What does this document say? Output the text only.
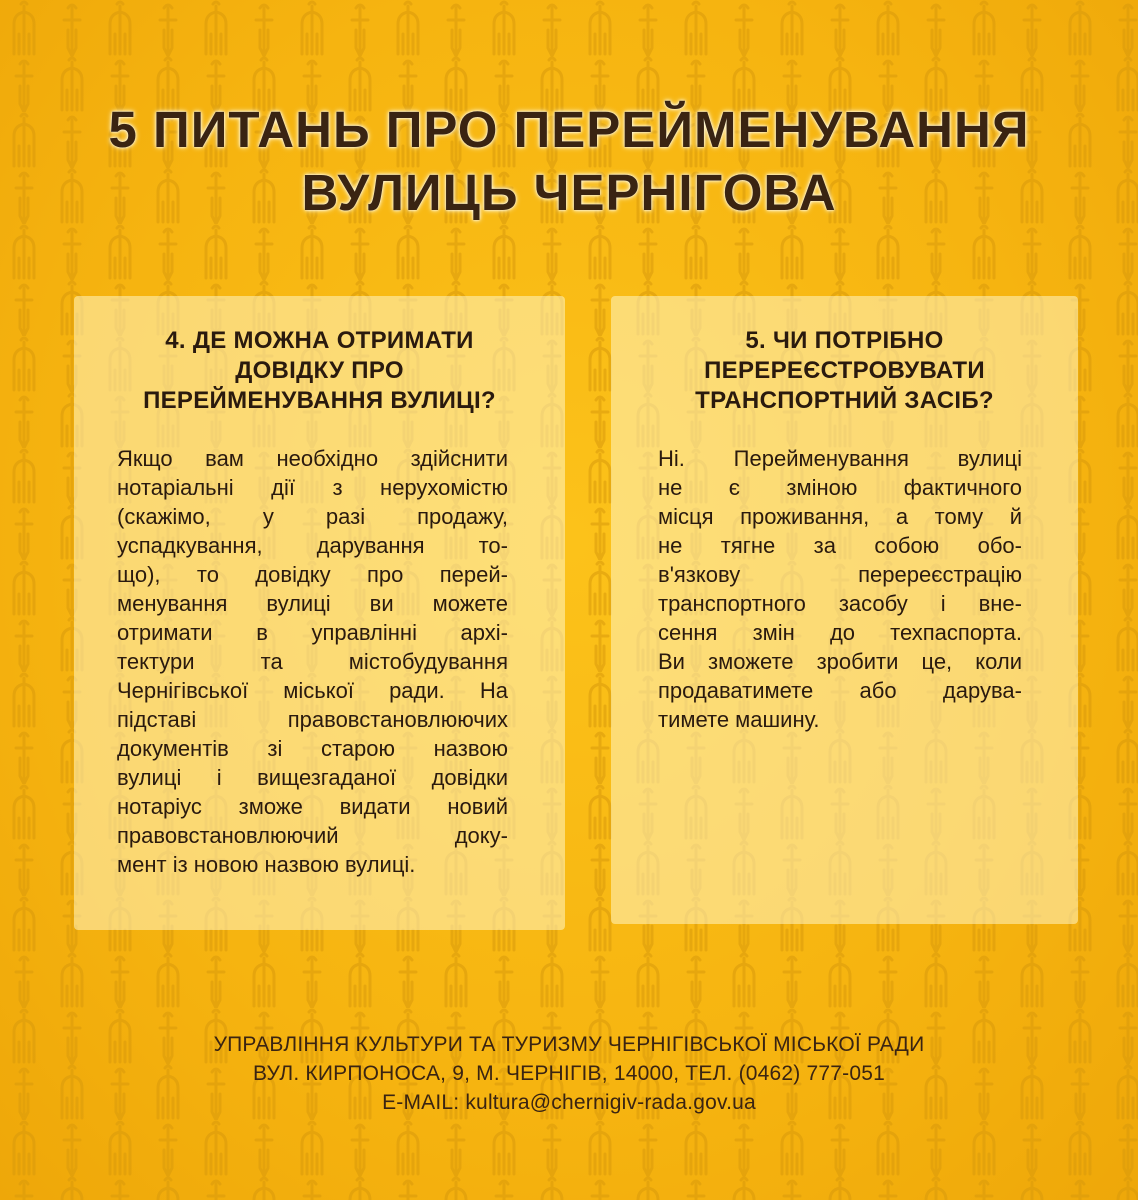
5 ПИТАНЬ ПРО ПЕРЕЙМЕНУВАННЯ
ВУЛИЦЬ ЧЕРНІГОВА
4. ДЕ МОЖНА ОТРИМАТИ
ДОВІДКУ ПРО
ПЕРЕЙМЕНУВАННЯ ВУЛИЦІ?
Якщо вам необхідно здійснити
нотаріальні дії з нерухомістю
(скажімо, у разі продажу,
успадкування, дарування то-
що), то довідку про перей-
менування вулиці ви можете
отримати в управлінні архі-
тектури та містобудування
Чернігівської міської ради. На
підставі правовстановлюючих
документів зі старою назвою
вулиці і вищезгаданої довідки
нотаріус зможе видати новий
правовстановлюючий доку-
мент із новою назвою вулиці.
5. ЧИ ПОТРІБНО
ПЕРЕРЕЄСТРОВУВАТИ
ТРАНСПОРТНИЙ ЗАСІБ?
Ні. Перейменування вулиці
не є зміною фактичного
місця проживання, а тому й
не тягне за собою обо-
в'язкову перереєстрацію
транспортного засобу і вне-
сення змін до техпаспорта.
Ви зможете зробити це, коли
продаватимете або дарува-
тимете машину.
УПРАВЛІННЯ КУЛЬТУРИ ТА ТУРИЗМУ ЧЕРНІГІВСЬКОЇ МІСЬКОЇ РАДИ
ВУЛ. КИРПОНОСА, 9, М. ЧЕРНІГІВ, 14000, ТЕЛ. (0462) 777-051
E-MAIL: kultura@chernigiv-rada.gov.ua
